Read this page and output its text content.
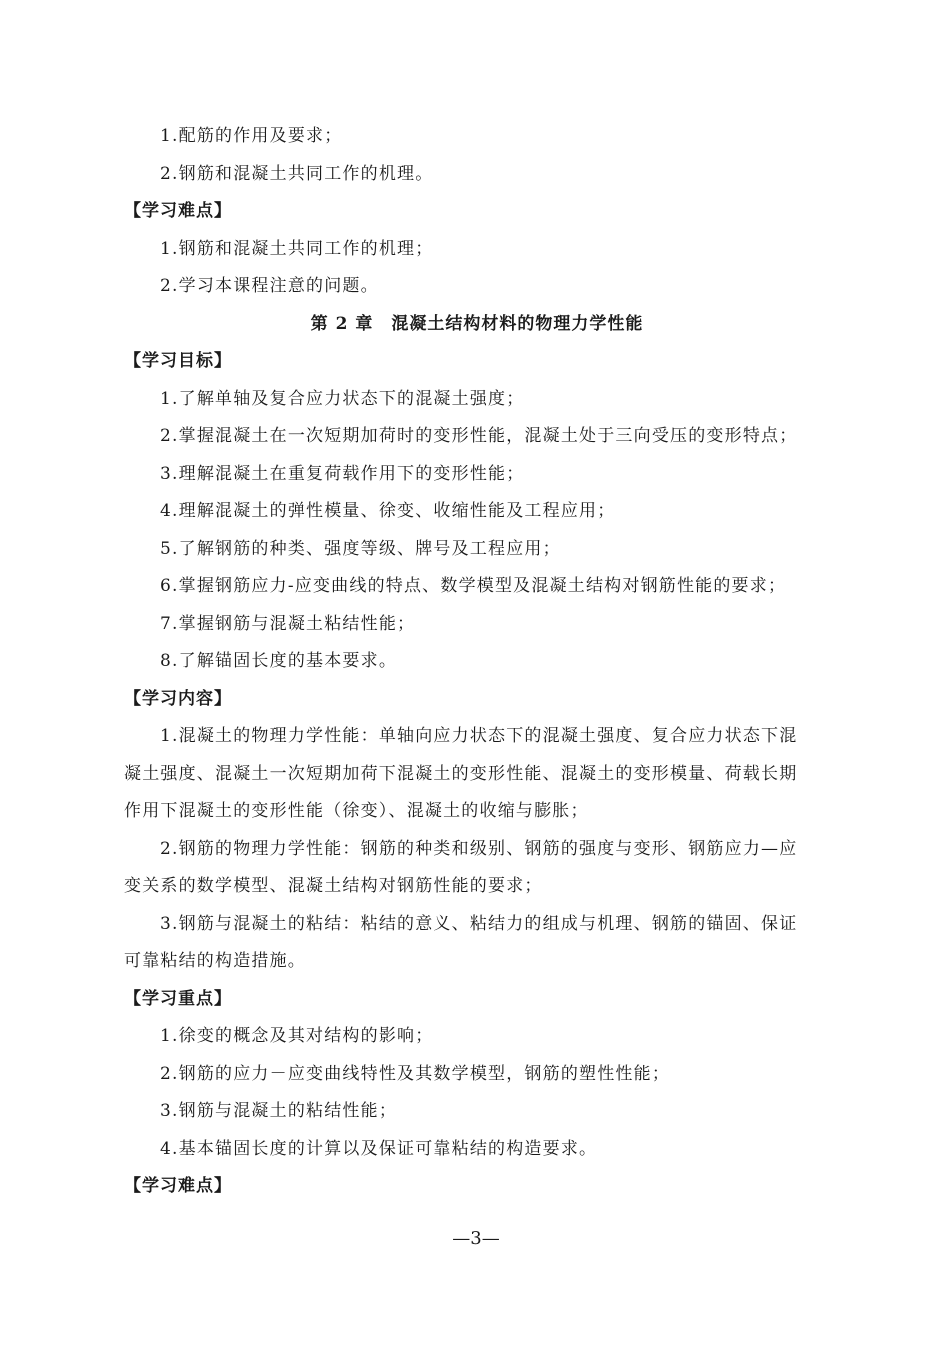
1.配筋的作用及要求；
2.钢筋和混凝土共同工作的机理。
【学习难点】
1.钢筋和混凝土共同工作的机理；
2.学习本课程注意的问题。
第 2 章　混凝土结构材料的物理力学性能
【学习目标】
1.了解单轴及复合应力状态下的混凝土强度；
2.掌握混凝土在一次短期加荷时的变形性能，混凝土处于三向受压的变形特点；
3.理解混凝土在重复荷载作用下的变形性能；
4.理解混凝土的弹性模量、徐变、收缩性能及工程应用；
5.了解钢筋的种类、强度等级、牌号及工程应用；
6.掌握钢筋应力-应变曲线的特点、数学模型及混凝土结构对钢筋性能的要求；
7.掌握钢筋与混凝土粘结性能；
8.了解锚固长度的基本要求。
【学习内容】
1.混凝土的物理力学性能：单轴向应力状态下的混凝土强度、复合应力状态下混
凝土强度、混凝土一次短期加荷下混凝土的变形性能、混凝土的变形模量、荷载长期
作用下混凝土的变形性能（徐变）、混凝土的收缩与膨胀；
2.钢筋的物理力学性能：钢筋的种类和级别、钢筋的强度与变形、钢筋应力—应
变关系的数学模型、混凝土结构对钢筋性能的要求；
3.钢筋与混凝土的粘结：粘结的意义、粘结力的组成与机理、钢筋的锚固、保证
可靠粘结的构造措施。
【学习重点】
1.徐变的概念及其对结构的影响；
2.钢筋的应力－应变曲线特性及其数学模型，钢筋的塑性性能；
3.钢筋与混凝土的粘结性能；
4.基本锚固长度的计算以及保证可靠粘结的构造要求。
【学习难点】
—3—
